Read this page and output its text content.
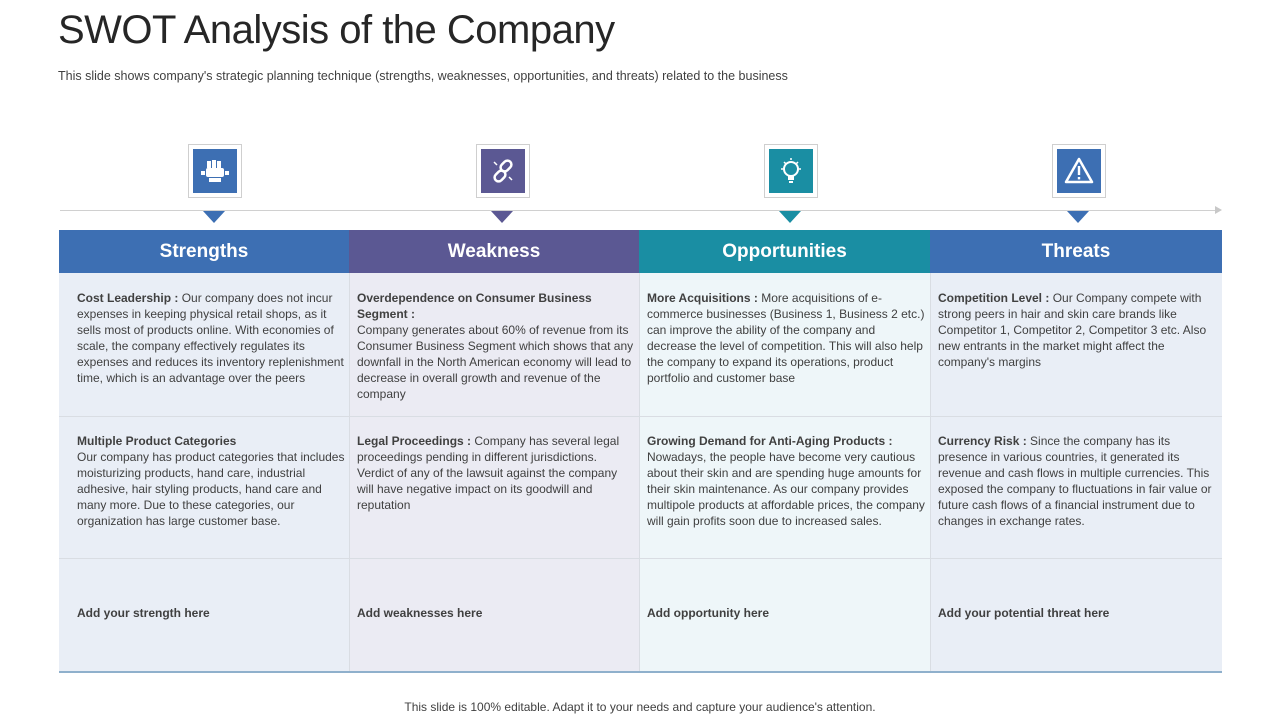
SWOT Analysis of the Company
This slide shows company's strategic planning technique (strengths, weaknesses, opportunities, and threats) related to the business
Strengths
Cost Leadership : Our company does not incur expenses in keeping physical retail shops, as it sells most of products online. With economies of scale, the company effectively regulates its expenses and reduces its inventory replenishment time, which is an advantage over the peers
Multiple Product Categories
Our company has product categories that includes moisturizing products, hand care, industrial adhesive, hair styling products, hand care and many more. Due to these categories, our organization has large customer base.
Add your strength here
Weakness
Overdependence on Consumer Business Segment :
Company generates about 60% of revenue from its Consumer Business Segment which shows that any downfall in the North American economy will lead to decrease in overall growth and revenue of the company
Legal Proceedings : Company has several legal proceedings pending in different jurisdictions. Verdict of any of the lawsuit against the company will have negative impact on its goodwill and reputation
Add weaknesses here
Opportunities
More Acquisitions : More acquisitions of e-commerce businesses (Business 1, Business 2 etc.) can improve the ability of the company and decrease the level of competition. This will also help the company to expand its operations, product portfolio and customer base
Growing Demand for Anti-Aging Products :
Nowadays, the people have become very cautious about their skin and are spending huge amounts for their skin maintenance. As our company provides multipole products at affordable prices, the company will gain profits soon due to increased sales.
Add opportunity here
Threats
Competition Level : Our Company compete with strong peers in hair and skin care brands like Competitor 1, Competitor 2, Competitor 3 etc. Also new entrants in the market might affect the company's margins
Currency Risk : Since the company has its presence in various countries, it generated its revenue and cash flows in multiple currencies. This exposed the company to fluctuations in fair value or future cash flows of a financial instrument due to changes in exchange rates.
Add your potential threat here
This slide is 100% editable. Adapt it to your needs and capture your audience's attention.
